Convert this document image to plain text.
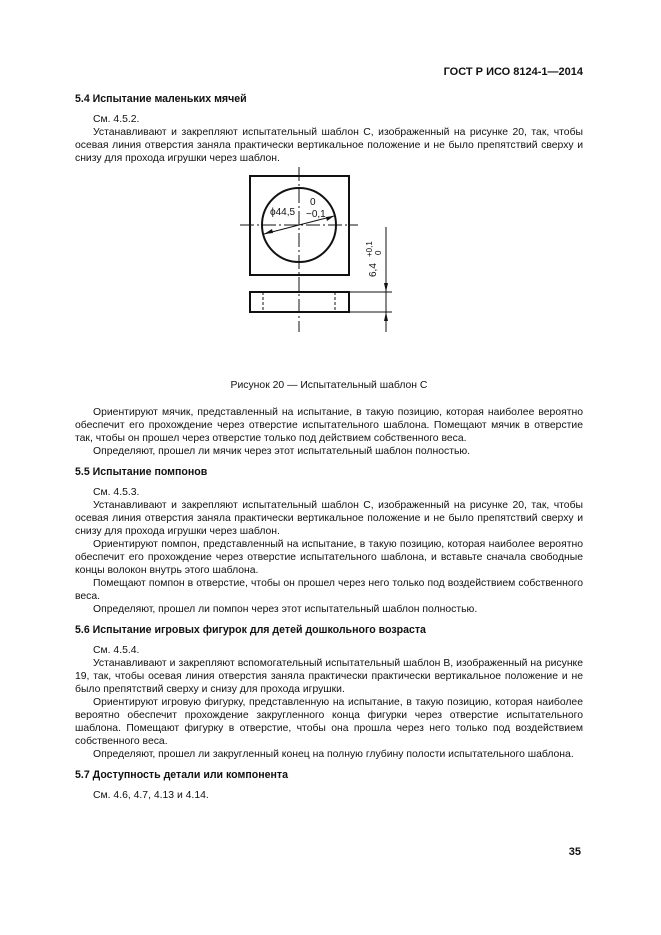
ГОСТ Р ИСО 8124-1—2014
5.4 Испытание маленьких мячей

См. 4.5.2.

Устанавливают и закрепляют испытательный шаблон С, изображенный на рисунке 20, так, чтобы осевая линия отверстия заняла практически вертикальное положение и не было препятствий сверху и снизу для прохода игрушки через шаблон.

ϕ44,5
0
−0,1
6,4
+0,1 0
Рисунок 20 — Испытательный шаблон С

Ориентируют мячик, представленный на испытание, в такую позицию, которая наиболее вероятно обеспечит его прохождение через отверстие испытательного шаблона. Помещают мячик в отверстие так, чтобы он прошел через отверстие только под действием собственного веса.

Определяют, прошел ли мячик через этот испытательный шаблон полностью.

5.5 Испытание помпонов

См. 4.5.3.

Устанавливают и закрепляют испытательный шаблон С, изображенный на рисунке 20, так, чтобы осевая линия отверстия заняла практически вертикальное положение и не было препятствий сверху и снизу для прохода игрушки через шаблон.

Ориентируют помпон, представленный на испытание, в такую позицию, которая наиболее вероятно обеспечит его прохождение через отверстие испытательного шаблона, и вставьте сначала свободные концы волокон внутрь этого шаблона.

Помещают помпон в отверстие, чтобы он прошел через него только под воздействием собственного веса.

Определяют, прошел ли помпон через этот испытательный шаблон полностью.

5.6 Испытание игровых фигурок для детей дошкольного возраста

См. 4.5.4.

Устанавливают и закрепляют вспомогательный испытательный шаблон В, изображенный на рисунке 19, так, чтобы осевая линия отверстия заняла практически практически вертикальное положение и не было препятствий сверху и снизу для прохода игрушки.

Ориентируют игровую фигурку, представленную на испытание, в такую позицию, которая наиболее вероятно обеспечит прохождение закругленного конца фигурки через отверстие испытательного шаблона. Помещают фигурку в отверстие, чтобы она прошла через него только под воздействием собственного веса.

Определяют, прошел ли закругленный конец на полную глубину полости испытательного шаблона.

5.7 Доступность детали или компонента

См. 4.6, 4.7, 4.13 и 4.14.

35
